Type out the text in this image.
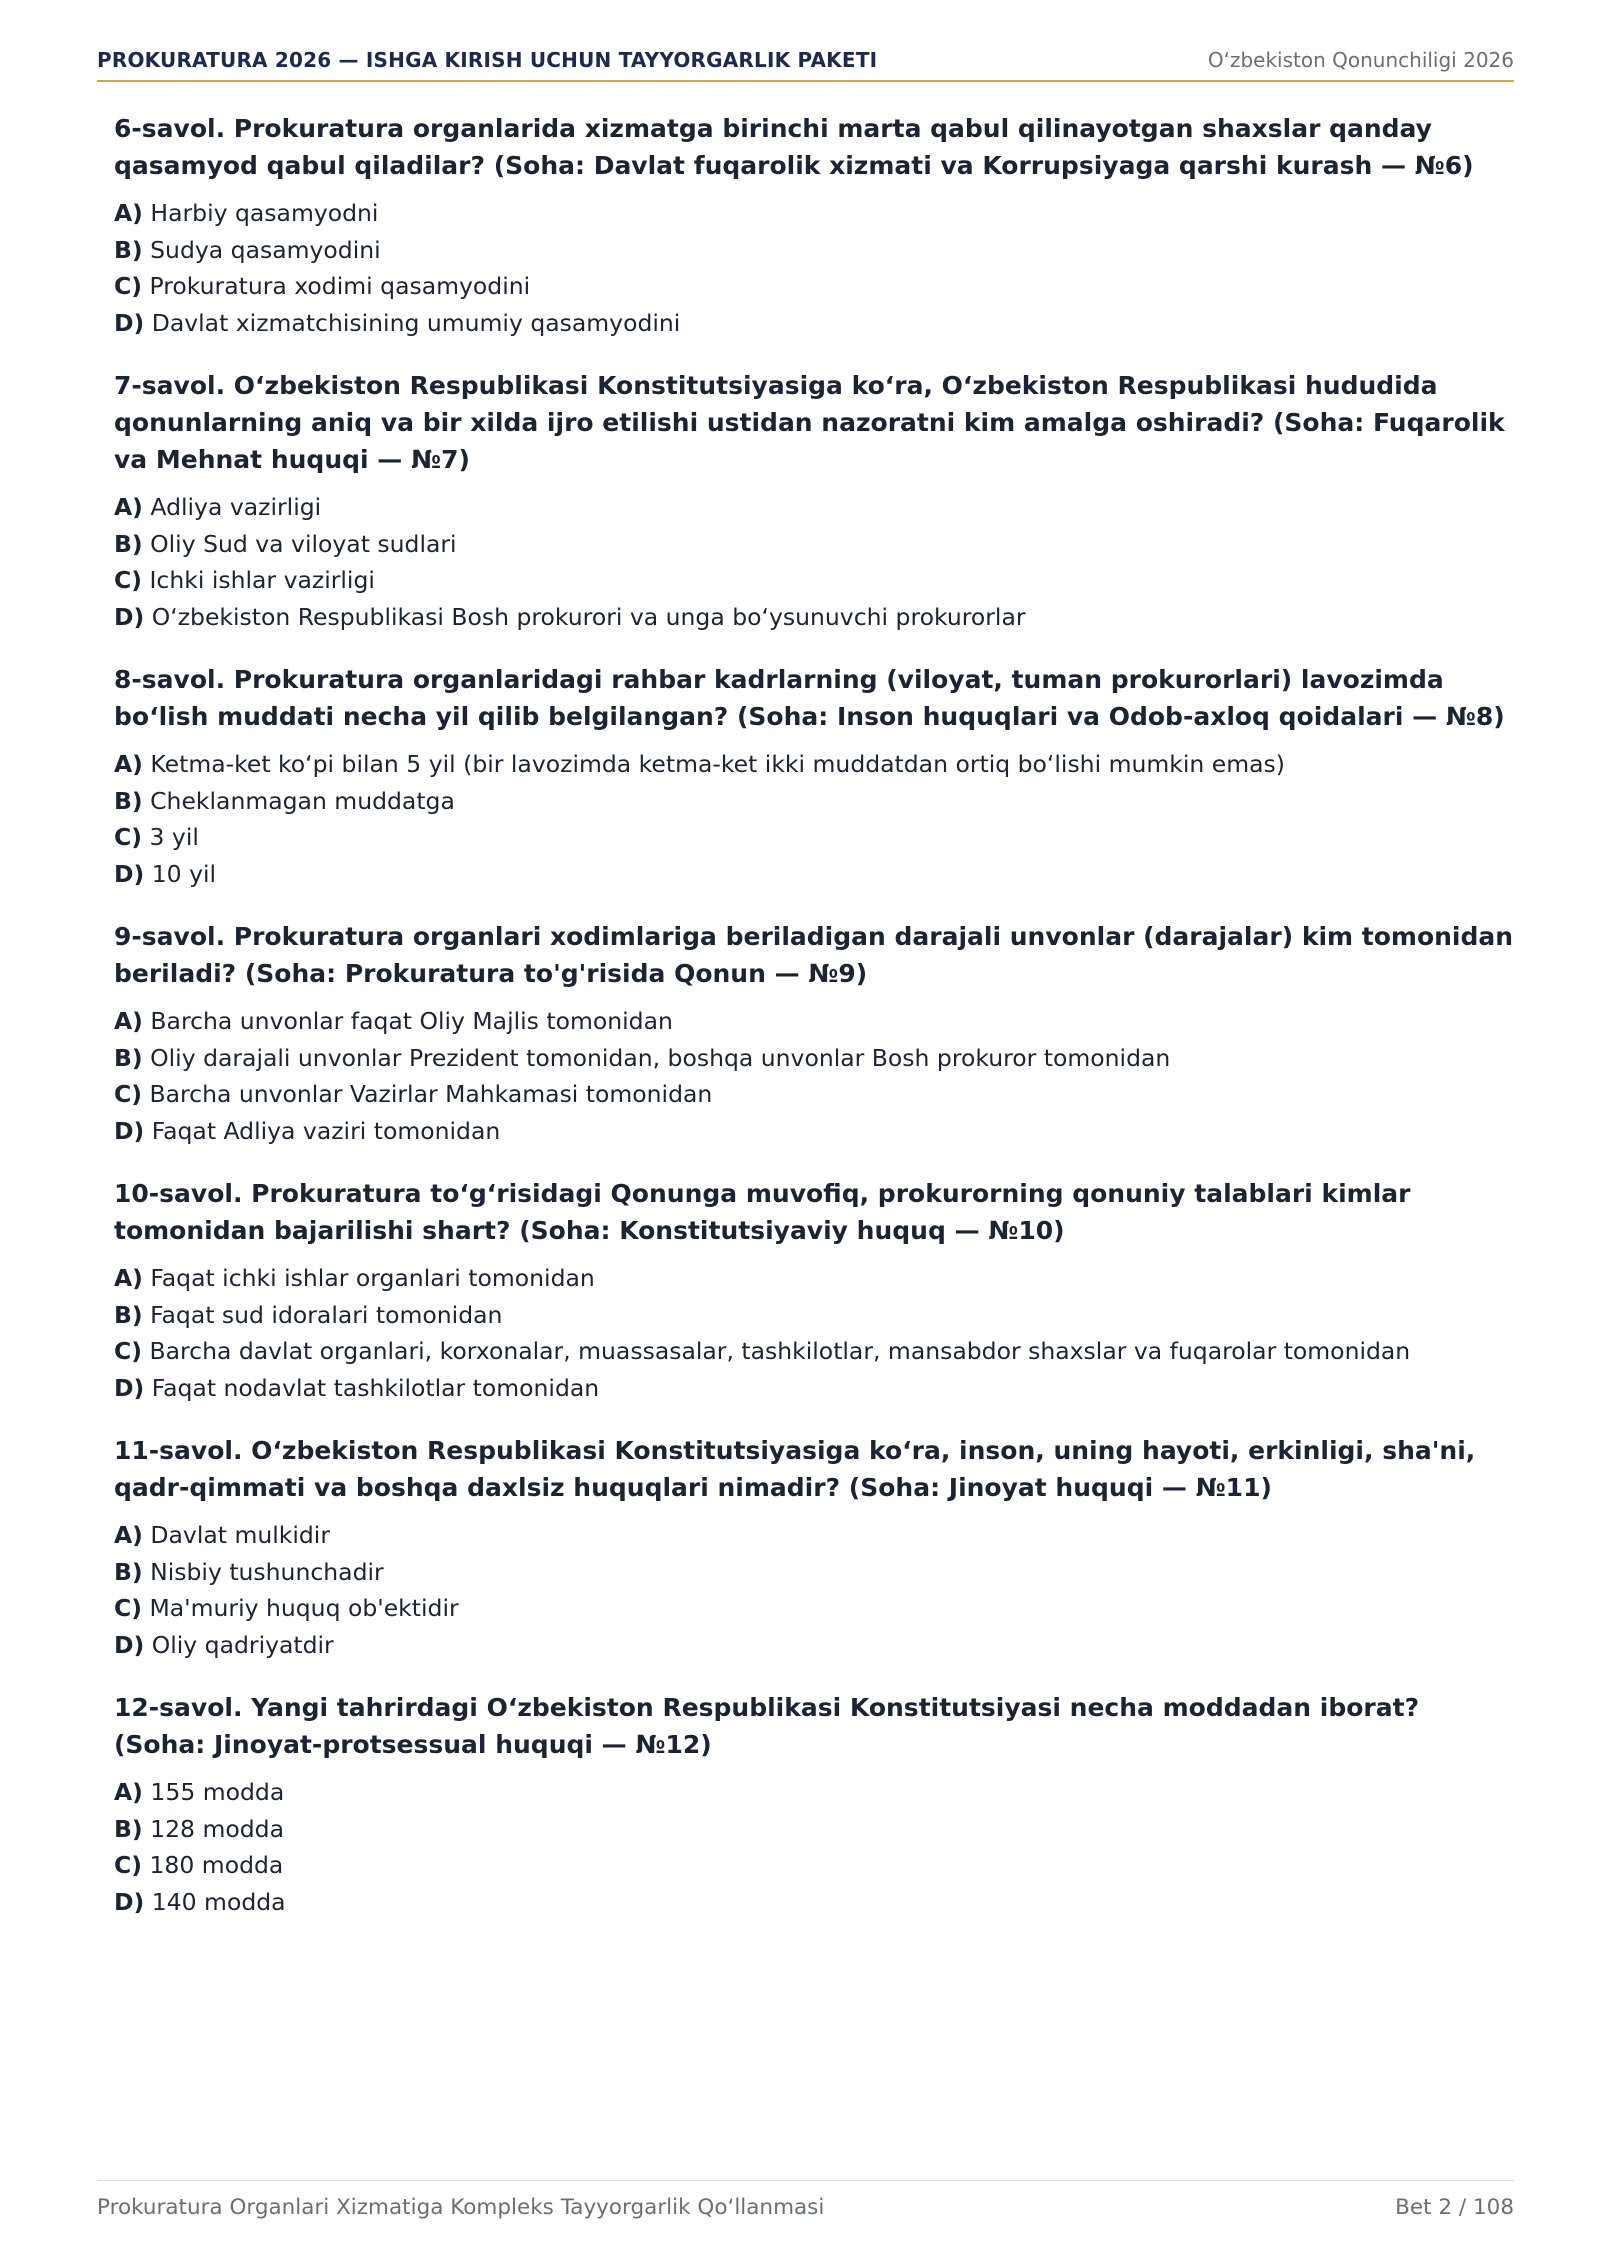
PROKURATURA 2026 — ISHGA KIRISH UCHUN TAYYORGARLIK PAKETI	O‘zbekiston Qonunchiligi 2026
6-savol. Prokuratura organlarida xizmatga birinchi marta qabul qilinayotgan shaxslar qanday qasamyod qabul qiladilar? (Soha: Davlat fuqarolik xizmati va Korrupsiyaga qarshi kurash — №6)
A) Harbiy qasamyodni
B) Sudya qasamyodini
C) Prokuratura xodimi qasamyodini
D) Davlat xizmatchisining umumiy qasamyodini
7-savol. O‘zbekiston Respublikasi Konstitutsiyasiga ko‘ra, O‘zbekiston Respublikasi hududida qonunlarning aniq va bir xilda ijro etilishi ustidan nazoratni kim amalga oshiradi? (Soha: Fuqarolik va Mehnat huquqi — №7)
A) Adliya vazirligi
B) Oliy Sud va viloyat sudlari
C) Ichki ishlar vazirligi
D) O‘zbekiston Respublikasi Bosh prokurori va unga bo‘ysunuvchi prokurorlar
8-savol. Prokuratura organlaridagi rahbar kadrlarning (viloyat, tuman prokurorlari) lavozimda bo‘lish muddati necha yil qilib belgilangan? (Soha: Inson huquqlari va Odob-axloq qoidalari — №8)
A) Ketma-ket ko‘pi bilan 5 yil (bir lavozimda ketma-ket ikki muddatdan ortiq bo‘lishi mumkin emas)
B) Cheklanmagan muddatga
C) 3 yil
D) 10 yil
9-savol. Prokuratura organlari xodimlariga beriladigan darajali unvonlar (darajalar) kim tomonidan beriladi? (Soha: Prokuratura to'g'risida Qonun — №9)
A) Barcha unvonlar faqat Oliy Majlis tomonidan
B) Oliy darajali unvonlar Prezident tomonidan, boshqa unvonlar Bosh prokuror tomonidan
C) Barcha unvonlar Vazirlar Mahkamasi tomonidan
D) Faqat Adliya vaziri tomonidan
10-savol. Prokuratura to‘g‘risidagi Qonunga muvofiq, prokurorning qonuniy talablari kimlar tomonidan bajarilishi shart? (Soha: Konstitutsiyaviy huquq — №10)
A) Faqat ichki ishlar organlari tomonidan
B) Faqat sud idoralari tomonidan
C) Barcha davlat organlari, korxonalar, muassasalar, tashkilotlar, mansabdor shaxslar va fuqarolar tomonidan
D) Faqat nodavlat tashkilotlar tomonidan
11-savol. O‘zbekiston Respublikasi Konstitutsiyasiga ko‘ra, inson, uning hayoti, erkinligi, sha'ni, qadr-qimmati va boshqa daxlsiz huquqlari nimadir? (Soha: Jinoyat huquqi — №11)
A) Davlat mulkidir
B) Nisbiy tushunchadir
C) Ma'muriy huquq ob'ektidir
D) Oliy qadriyatdir
12-savol. Yangi tahrirdagi O‘zbekiston Respublikasi Konstitutsiyasi necha moddadan iborat? (Soha: Jinoyat-protsessual huquqi — №12)
A) 155 modda
B) 128 modda
C) 180 modda
D) 140 modda
Prokuratura Organlari Xizmatiga Kompleks Tayyorgarlik Qo‘llanmasi	Bet 2 / 108
